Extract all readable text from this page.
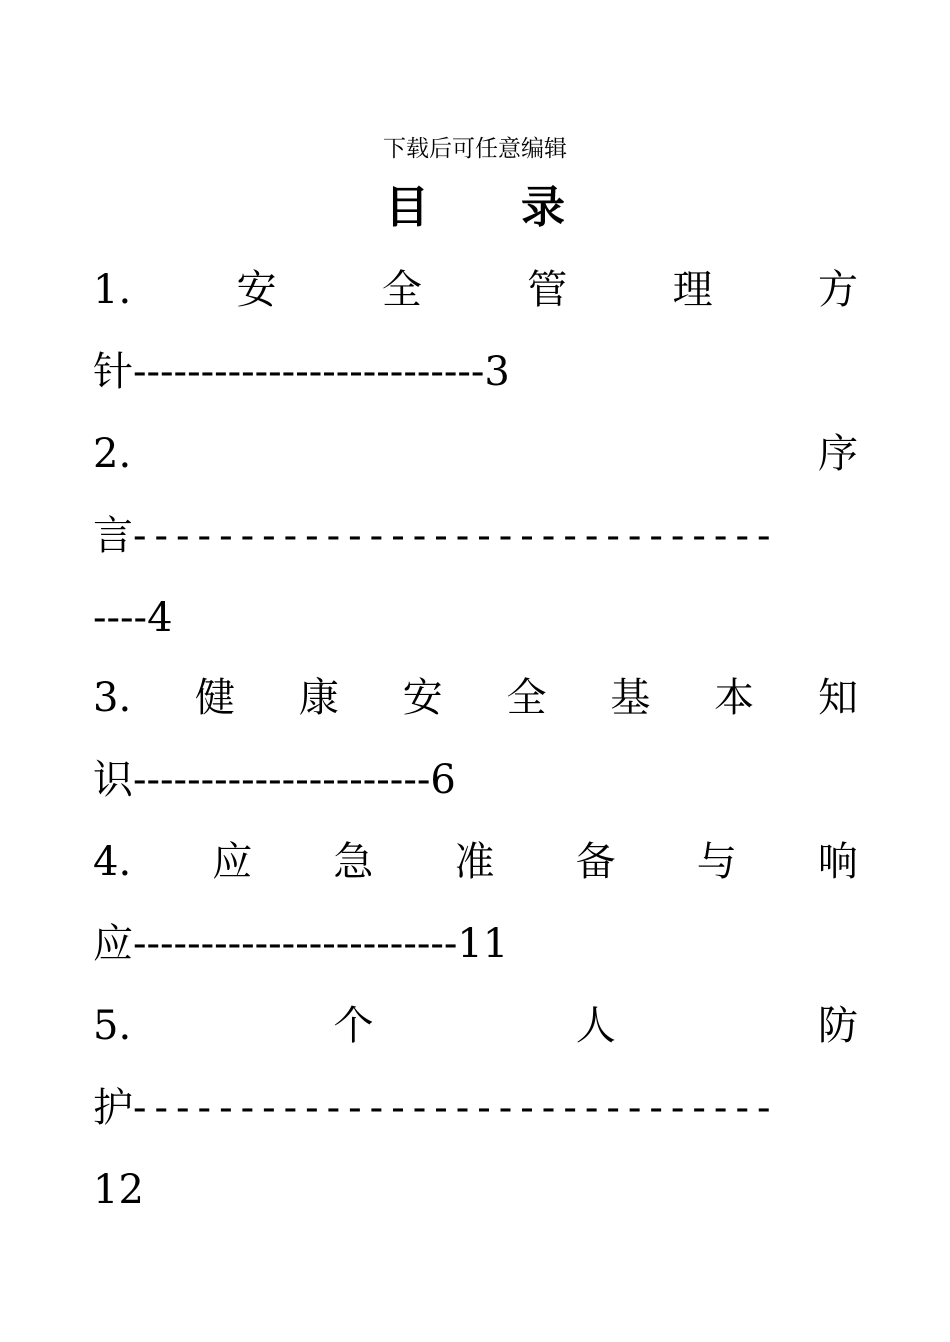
下载后可任意编辑
目 录
1.	安	全	管	理	方
针 --------------------------3
2.	序
言 ------------------------------
----4
3. 健 康 安 全 基 本 知
识 ----------------------6
4. 应 急 准 备 与 响
应 ------------------------11
5.	个	人	防
护 ------------------------------
12
